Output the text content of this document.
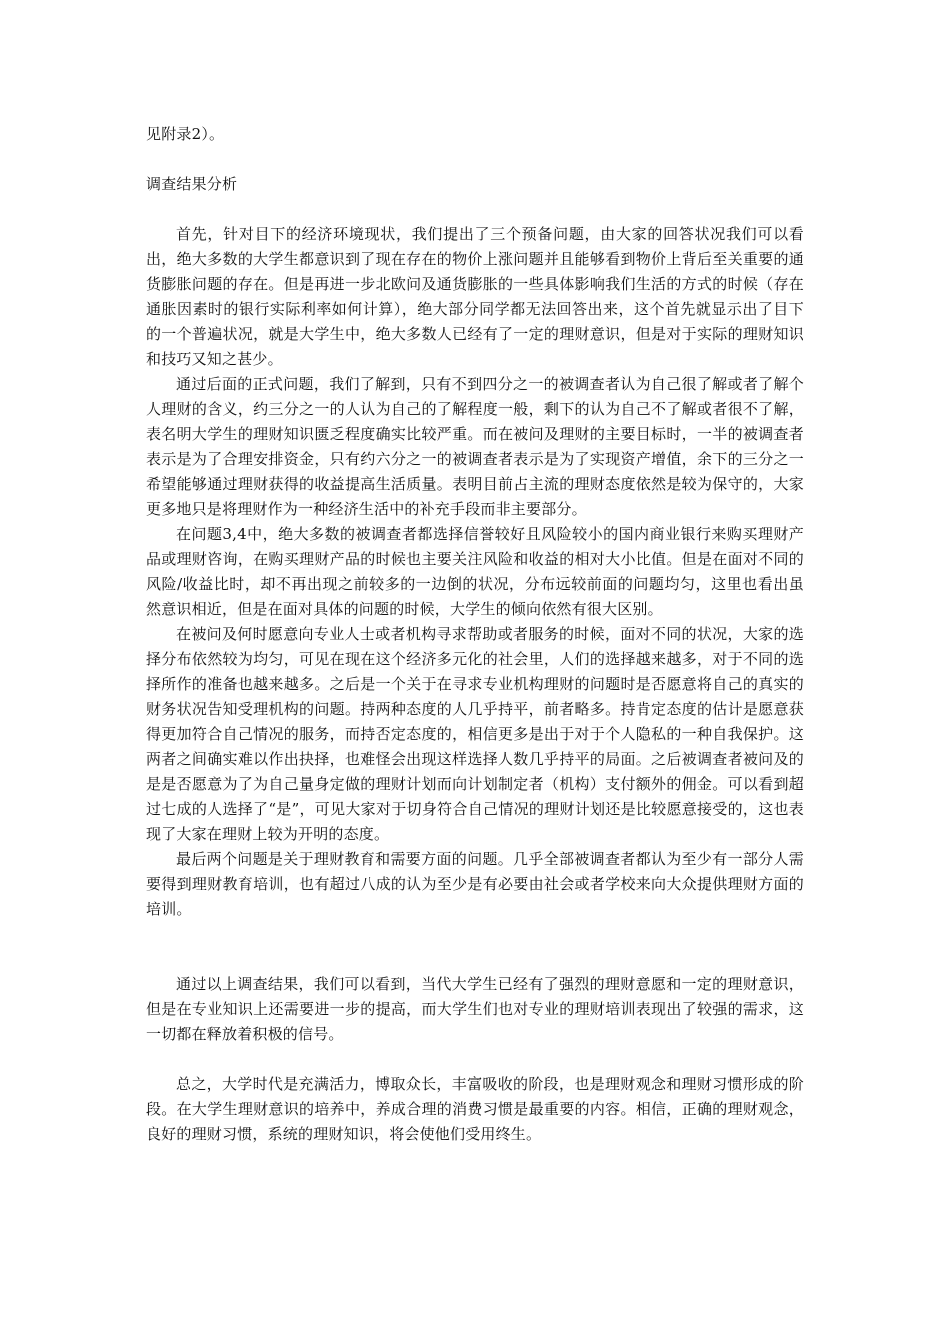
见附录2）。

调查结果分析

首先，针对目下的经济环境现状，我们提出了三个预备问题，由大家的回答状况我们可以看出，绝大多数的大学生都意识到了现在存在的物价上涨问题并且能够看到物价上背后至关重要的通货膨胀问题的存在。但是再进一步北欧问及通货膨胀的一些具体影响我们生活的方式的时候（存在通胀因素时的银行实际利率如何计算），绝大部分同学都无法回答出来，这个首先就显示出了目下的一个普遍状况，就是大学生中，绝大多数人已经有了一定的理财意识，但是对于实际的理财知识和技巧又知之甚少。

通过后面的正式问题，我们了解到，只有不到四分之一的被调查者认为自己很了解或者了解个人理财的含义，约三分之一的人认为自己的了解程度一般，剩下的认为自己不了解或者很不了解，表名明大学生的理财知识匮乏程度确实比较严重。而在被问及理财的主要目标时，一半的被调查者表示是为了合理安排资金，只有约六分之一的被调查者表示是为了实现资产增值，余下的三分之一希望能够通过理财获得的收益提高生活质量。表明目前占主流的理财态度依然是较为保守的，大家更多地只是将理财作为一种经济生活中的补充手段而非主要部分。

在问题3,4中，绝大多数的被调查者都选择信誉较好且风险较小的国内商业银行来购买理财产品或理财咨询，在购买理财产品的时候也主要关注风险和收益的相对大小比值。但是在面对不同的风险/收益比时，却不再出现之前较多的一边倒的状况，分布远较前面的问题均匀，这里也看出虽然意识相近，但是在面对具体的问题的时候，大学生的倾向依然有很大区别。

在被问及何时愿意向专业人士或者机构寻求帮助或者服务的时候，面对不同的状况，大家的选择分布依然较为均匀，可见在现在这个经济多元化的社会里，人们的选择越来越多，对于不同的选择所作的准备也越来越多。之后是一个关于在寻求专业机构理财的问题时是否愿意将自己的真实的财务状况告知受理机构的问题。持两种态度的人几乎持平，前者略多。持肯定态度的估计是愿意获得更加符合自己情况的服务，而持否定态度的，相信更多是出于对于个人隐私的一种自我保护。这两者之间确实难以作出抉择，也难怪会出现这样选择人数几乎持平的局面。之后被调查者被问及的是是否愿意为了为自己量身定做的理财计划而向计划制定者（机构）支付额外的佣金。可以看到超过七成的人选择了“是”，可见大家对于切身符合自己情况的理财计划还是比较愿意接受的，这也表现了大家在理财上较为开明的态度。

最后两个问题是关于理财教育和需要方面的问题。几乎全部被调查者都认为至少有一部分人需要得到理财教育培训，也有超过八成的认为至少是有必要由社会或者学校来向大众提供理财方面的培训。

通过以上调查结果，我们可以看到，当代大学生已经有了强烈的理财意愿和一定的理财意识，但是在专业知识上还需要进一步的提高，而大学生们也对专业的理财培训表现出了较强的需求，这一切都在释放着积极的信号。

总之，大学时代是充满活力，博取众长，丰富吸收的阶段，也是理财观念和理财习惯形成的阶段。在大学生理财意识的培养中，养成合理的消费习惯是最重要的内容。相信，正确的理财观念，良好的理财习惯，系统的理财知识，将会使他们受用终生。
